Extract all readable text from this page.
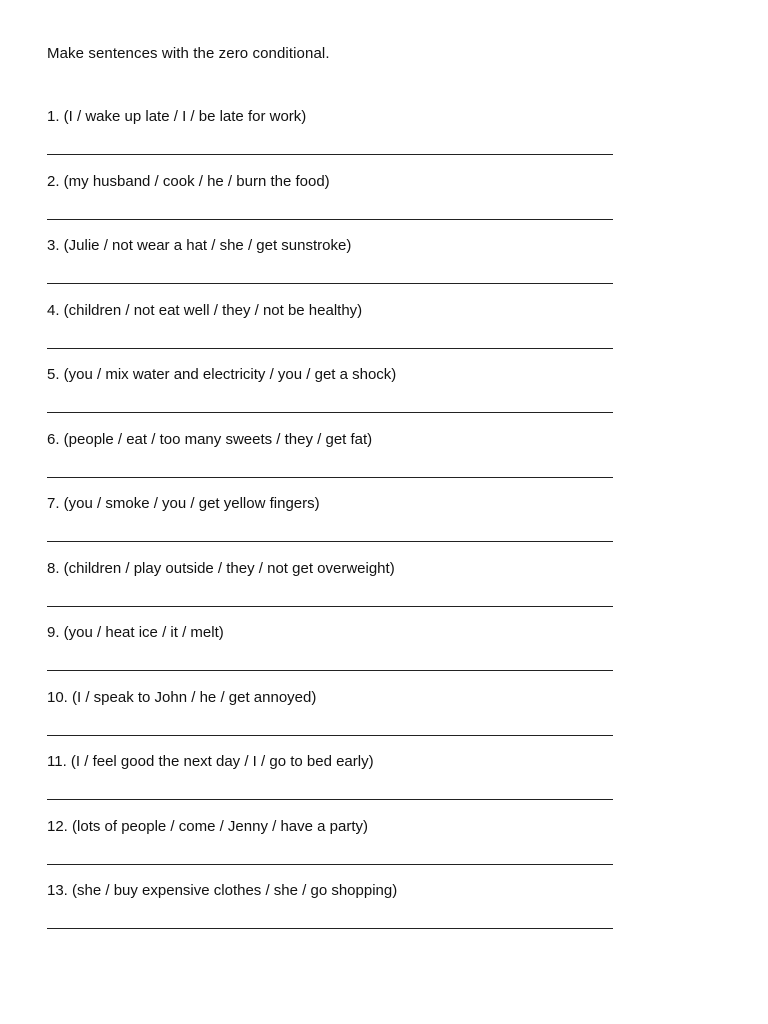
Make sentences with the zero conditional.
1. (I / wake up late / I / be late for work)
2. (my husband / cook / he / burn the food)
3. (Julie / not wear a hat / she / get sunstroke)
4. (children / not eat well / they / not be healthy)
5. (you / mix water and electricity / you / get a shock)
6. (people / eat / too many sweets / they / get fat)
7. (you / smoke / you / get yellow fingers)
8. (children / play outside / they / not get overweight)
9. (you / heat ice / it / melt)
10. (I / speak to John / he / get annoyed)
11. (I / feel good the next day / I / go to bed early)
12. (lots of people / come / Jenny / have a party)
13. (she / buy expensive clothes / she / go shopping)
